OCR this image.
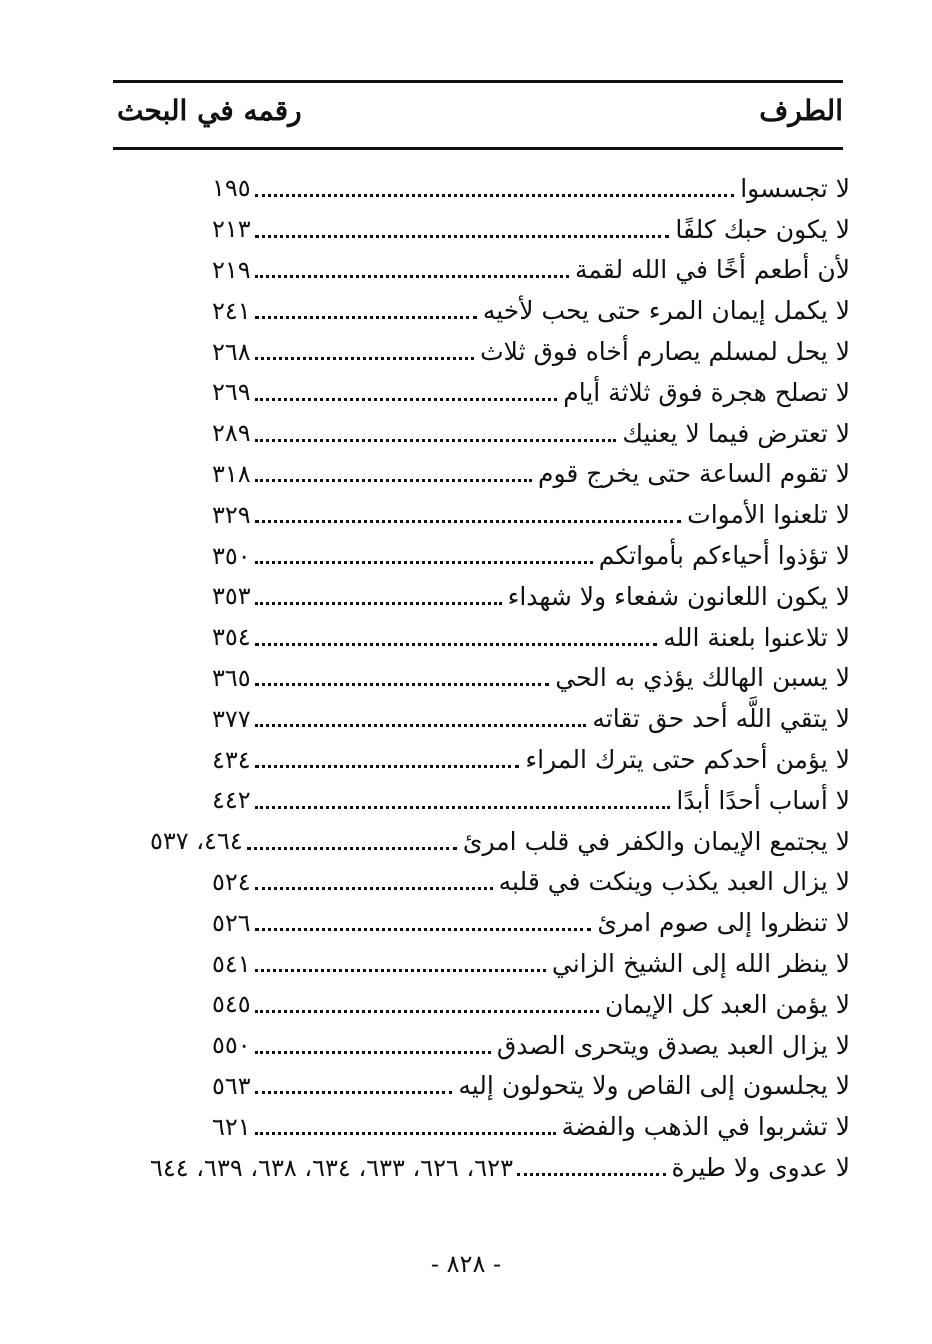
الطرف
رقمه في البحث
لا تجسسوا
١٩٥
لا يكون حبك كلفًا
٢١٣
لأن أطعم أخًا في الله لقمة
٢١٩
لا يكمل إيمان المرء حتى يحب لأخيه
٢٤١
لا يحل لمسلم يصارم أخاه فوق ثلاث
٢٦٨
لا تصلح هجرة فوق ثلاثة أيام
٢٦٩
لا تعترض فيما لا يعنيك
٢٨٩
لا تقوم الساعة حتى يخرج قوم
٣١٨
لا تلعنوا الأموات
٣٢٩
لا تؤذوا أحياءكم بأمواتكم
٣٥٠
لا يكون اللعانون شفعاء ولا شهداء
٣٥٣
لا تلاعنوا بلعنة الله
٣٥٤
لا يسبن الهالك يؤذي به الحي
٣٦٥
لا يتقي اللَّه أحد حق تقاته
٣٧٧
لا يؤمن أحدكم حتى يترك المراء
٤٣٤
لا أساب أحدًا أبدًا
٤٤٢
لا يجتمع الإيمان والكفر في قلب امرئ
٤٦٤، ٥٣٧
لا يزال العبد يكذب وينكت في قلبه
٥٢٤
لا تنظروا إلى صوم امرئ
٥٢٦
لا ينظر الله إلى الشيخ الزاني
٥٤١
لا يؤمن العبد كل الإيمان
٥٤٥
لا يزال العبد يصدق ويتحرى الصدق
٥٥٠
لا يجلسون إلى القاص ولا يتحولون إليه
٥٦٣
لا تشربوا في الذهب والفضة
٦٢١
لا عدوى ولا طيرة
٦٢٣، ٦٢٦، ٦٣٣، ٦٣٤، ٦٣٨، ٦٣٩، ٦٤٤
- ٨٢٨ -
